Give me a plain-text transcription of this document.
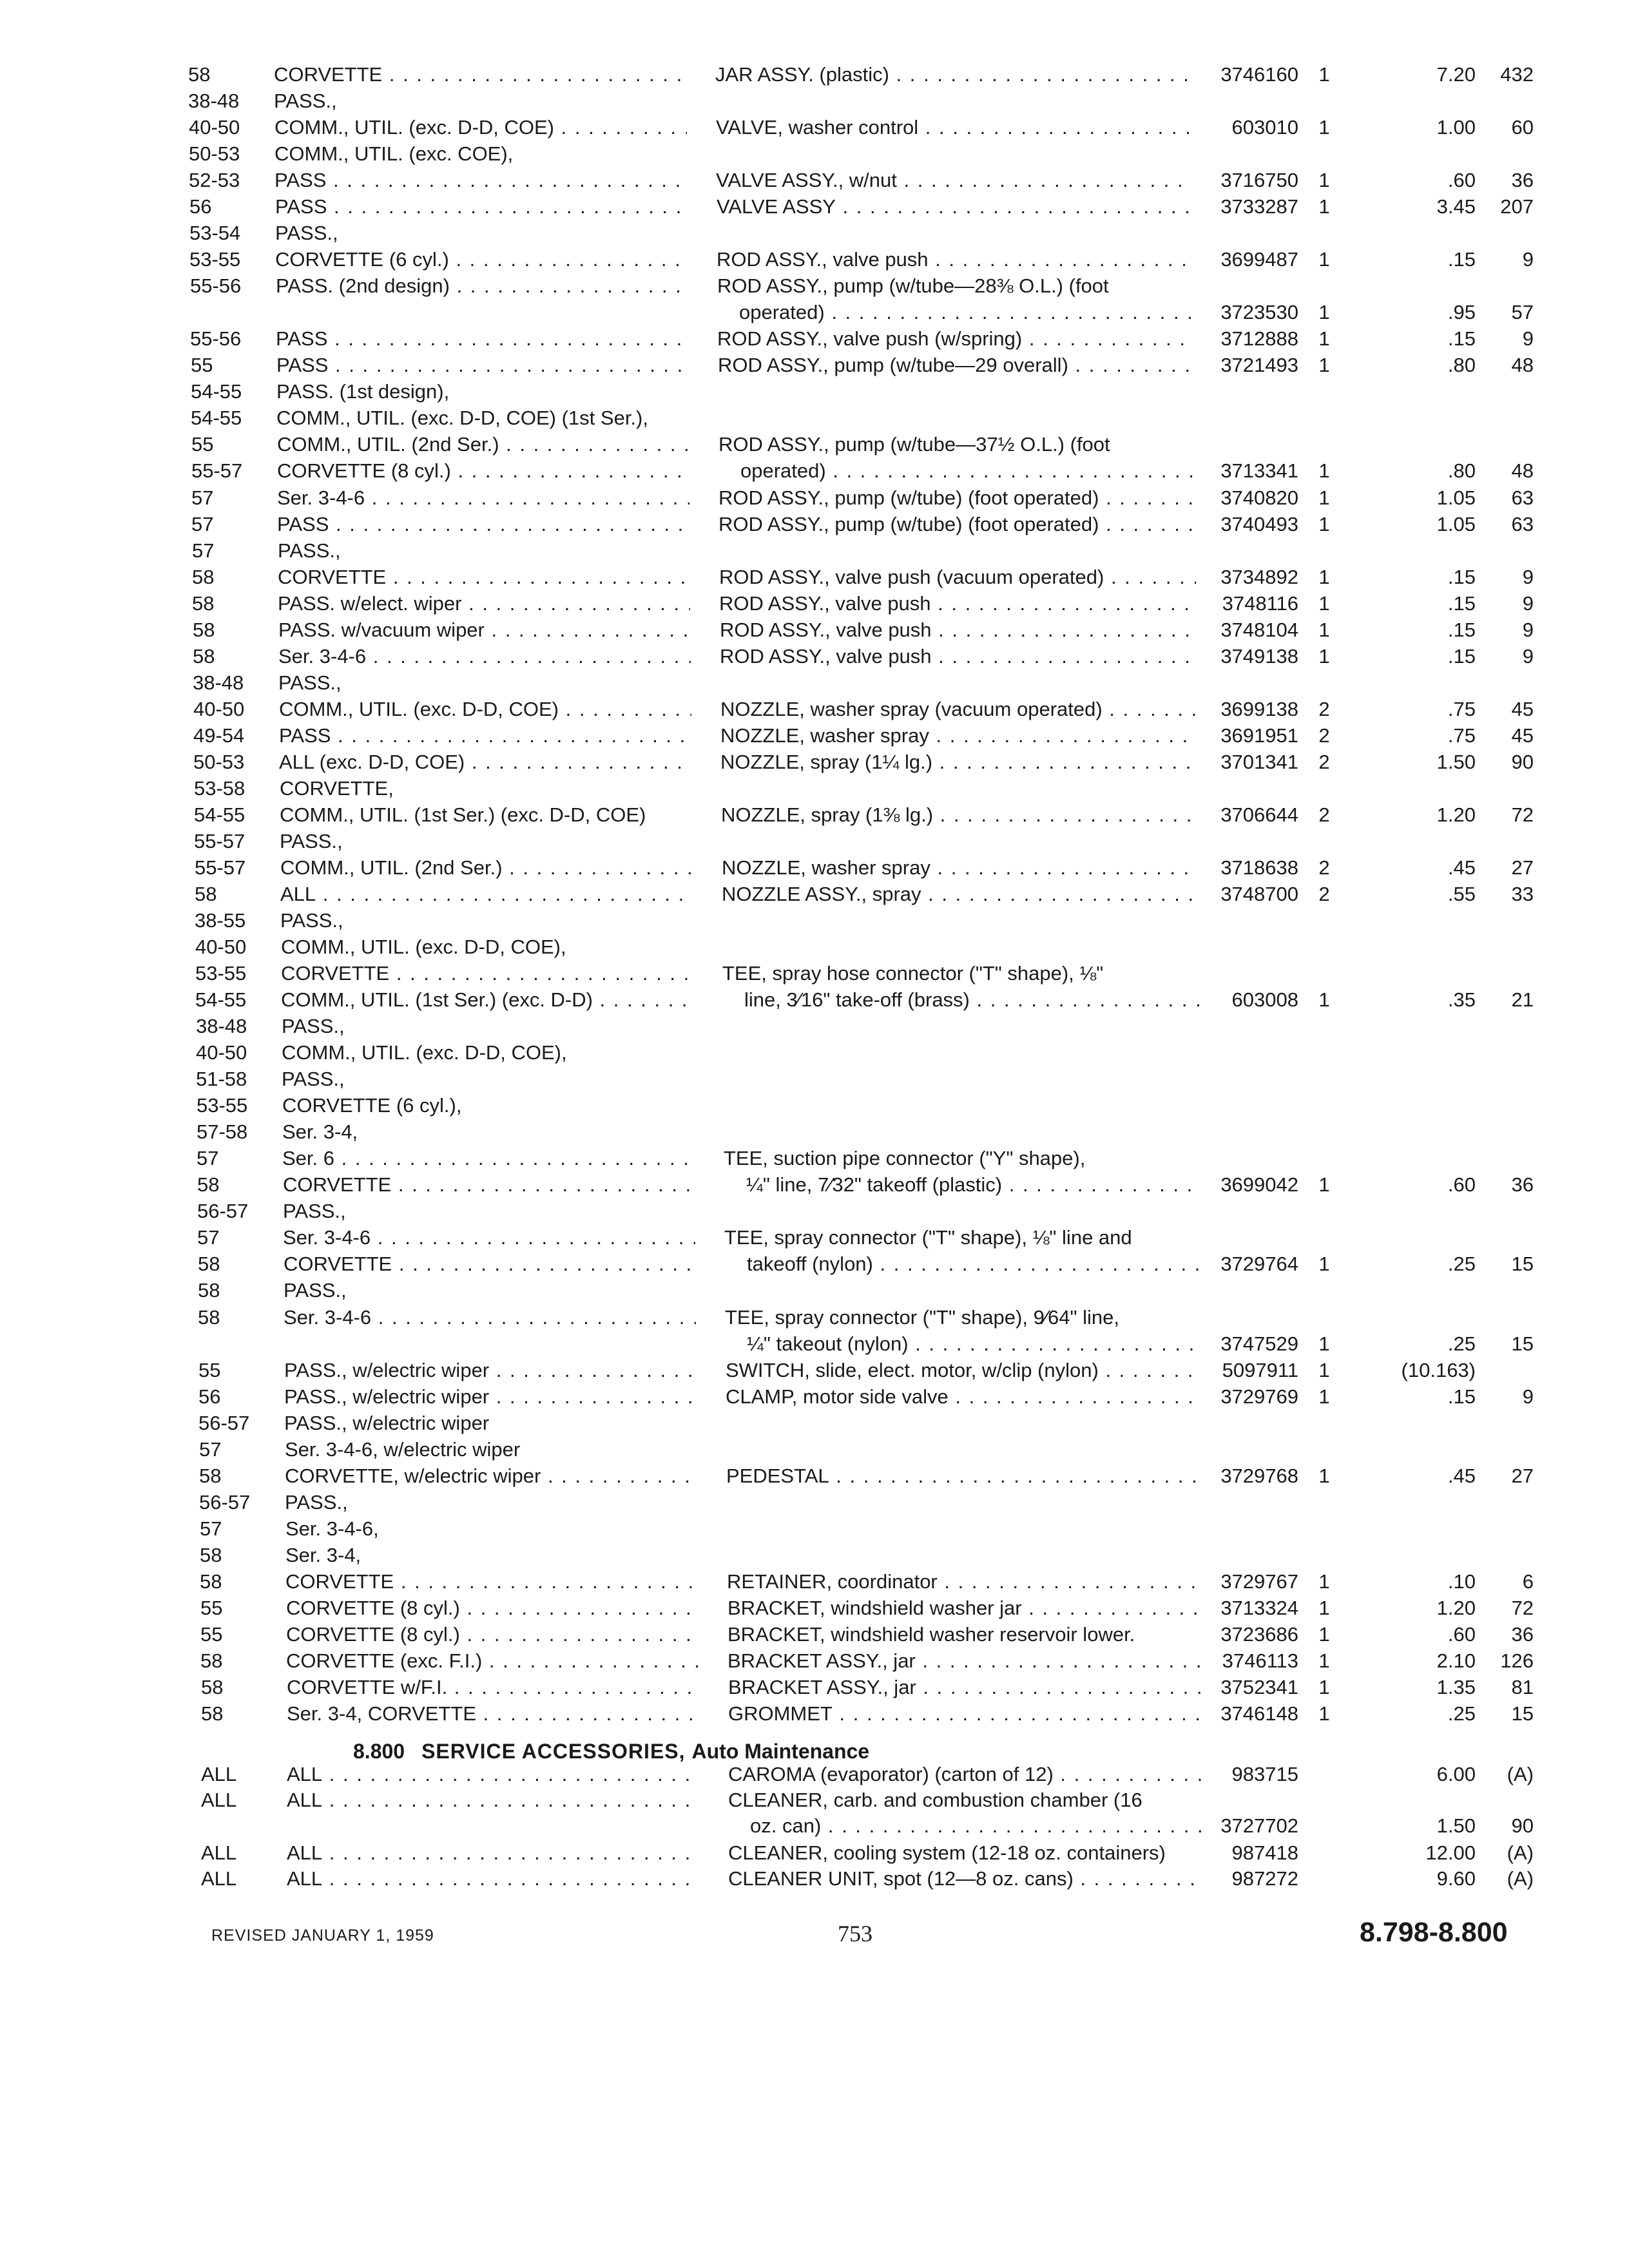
58	CORVETTE . . .	JAR ASSY. (plastic) . . .	3746160	1	7.20	432
38-48 PASS.,
40-50 COMM., UTIL. (exc. D-D, COE) . . .	VALVE, washer control . . .	603010	1	1.00	60
50-53 COMM., UTIL. (exc. COE),
52-53 PASS . . .	VALVE ASSY., w/nut . . .	3716750	1	.60	36
56	PASS . . .	VALVE ASSY . . .	3733287	1	3.45	207
53-54 PASS.,
53-55 CORVETTE (6 cyl.) . . .	ROD ASSY., valve push . . .	3699487	1	.15	9
55-56 PASS. (2nd design) . . .	ROD ASSY., pump (w/tube—28⅜ O.L.) (foot
operated) . . .	3723530	1	.95	57
55-56 PASS . . .	ROD ASSY., valve push (w/spring) . . .	3712888	1	.15	9
55	PASS . . .	ROD ASSY., pump (w/tube—29 overall) . . .	3721493	1	.80	48
54-55 PASS. (1st design),
54-55 COMM., UTIL. (exc. D-D, COE) (1st Ser.),
55	COMM., UTIL. (2nd Ser.) . . .	ROD ASSY., pump (w/tube—37½ O.L.) (foot
55-57 CORVETTE (8 cyl.) . . .	operated) . . .	3713341	1	.80	48
57	Ser. 3-4-6 . . .	ROD ASSY., pump (w/tube) (foot operated) . . .	3740820	1	1.05	63
57	PASS . . .	ROD ASSY., pump (w/tube) (foot operated) . . .	3740493	1	1.05	63
57	PASS.,
58	CORVETTE . . .	ROD ASSY., valve push (vacuum operated) . . .	3734892	1	.15	9
58	PASS. w/elect. wiper . . .	ROD ASSY., valve push . . .	3748116	1	.15	9
58	PASS. w/vacuum wiper . . .	ROD ASSY., valve push . . .	3748104	1	.15	9
58	Ser. 3-4-6 . . .	ROD ASSY., valve push . . .	3749138	1	.15	9
38-48 PASS.,
40-50 COMM., UTIL. (exc. D-D, COE) . . .	NOZZLE, washer spray (vacuum operated) . . .	3699138	2	.75	45
49-54 PASS . . .	NOZZLE, washer spray . . .	3691951	2	.75	45
50-53 ALL (exc. D-D, COE) . . .	NOZZLE, spray (1¼ lg.) . . .	3701341	2	1.50	90
53-58 CORVETTE,
54-55 COMM., UTIL. (1st Ser.) (exc. D-D, COE)	NOZZLE, spray (1⅜ lg.) . . .	3706644	2	1.20	72
55-57 PASS.,
55-57 COMM., UTIL. (2nd Ser.) . . .	NOZZLE, washer spray . . .	3718638	2	.45	27
58	ALL . . .	NOZZLE ASSY., spray . . .	3748700	2	.55	33
38-55 PASS.,
40-50 COMM., UTIL. (exc. D-D, COE),
53-55 CORVETTE . . .	TEE, spray hose connector ("T" shape), ⅛"
54-55 COMM., UTIL. (1st Ser.) (exc. D-D) . . .	line, 3⁄16" take-off (brass) . . .	603008	1	.35	21
38-48 PASS.,
40-50 COMM., UTIL. (exc. D-D, COE),
51-58 PASS.,
53-55 CORVETTE (6 cyl.),
57-58 Ser. 3-4,
57	Ser. 6 . . .	TEE, suction pipe connector ("Y" shape),
58	CORVETTE . . .	¼" line, 7⁄32" takeoff (plastic) . . .	3699042	1	.60	36
56-57 PASS.,
57	Ser. 3-4-6 . . .	TEE, spray connector ("T" shape), ⅛" line and
58	CORVETTE . . .	takeoff (nylon) . . .	3729764	1	.25	15
58	PASS.,
58	Ser. 3-4-6 . . .	TEE, spray connector ("T" shape), 9⁄64" line,
¼" takeout (nylon) . . .	3747529	1	.25	15
55	PASS., w/electric wiper . . .	SWITCH, slide, elect. motor, w/clip (nylon) . . .	5097911	1	(10.163)
56	PASS., w/electric wiper . . .	CLAMP, motor side valve . . .	3729769	1	.15	9
56-57 PASS., w/electric wiper
57	Ser. 3-4-6, w/electric wiper
58	CORVETTE, w/electric wiper . . .	PEDESTAL . . .	3729768	1	.45	27
56-57 PASS.,
57	Ser. 3-4-6,
58	Ser. 3-4,
58	CORVETTE . . .	RETAINER, coordinator . . .	3729767	1	.10	6
55	CORVETTE (8 cyl.) . . .	BRACKET, windshield washer jar . . .	3713324	1	1.20	72
55	CORVETTE (8 cyl.) . . .	BRACKET, windshield washer reservoir lower.	3723686	1	.60	36
58	CORVETTE (exc. F.I.) . . .	BRACKET ASSY., jar . . .	3746113	1	2.10	126
58	CORVETTE w/F.I. . . .	BRACKET ASSY., jar . . .	3752341	1	1.35	81
58	Ser. 3-4, CORVETTE . . .	GROMMET . . .	3746148	1	.25	15
8.800 SERVICE ACCESSORIES, Auto Maintenance
ALL	ALL . . .	CAROMA (evaporator) (carton of 12) . . .	983715	6.00	(A)
ALL	ALL . . .	CLEANER, carb. and combustion chamber (16
oz. can) . . .	3727702	1.50	90
ALL	ALL . . .	CLEANER, cooling system (12-18 oz. containers)	987418	12.00	(A)
ALL	ALL . . .	CLEANER UNIT, spot (12—8 oz. cans) . . .	987272	9.60	(A)
REVISED JANUARY 1, 1959	753	8.798-8.800
